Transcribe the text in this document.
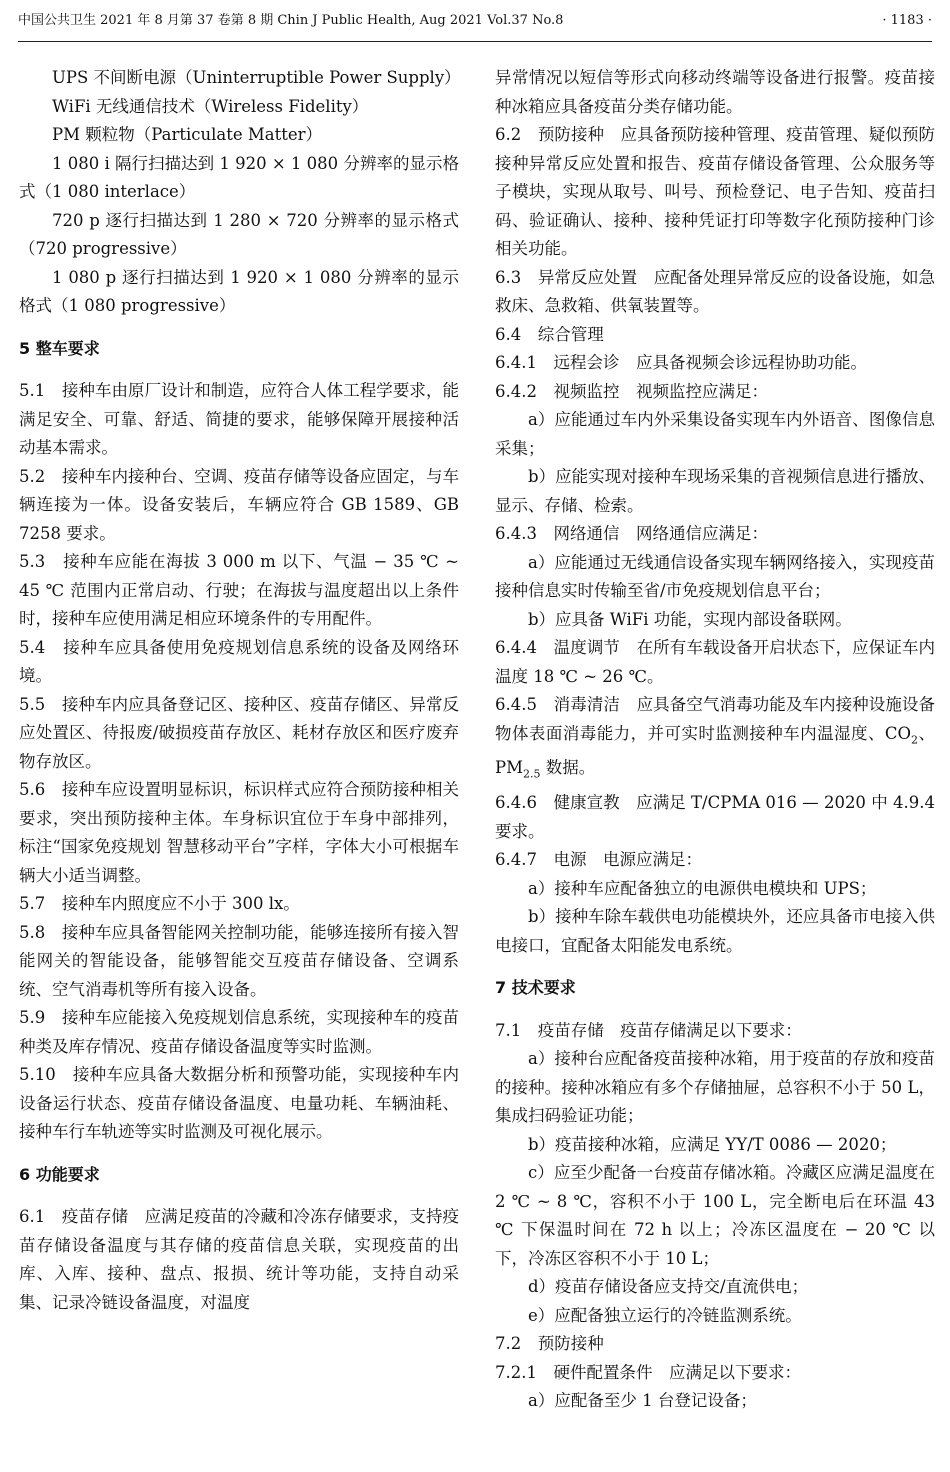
中国公共卫生 2021 年 8 月第 37 卷第 8 期 Chin J Public Health, Aug 2021 Vol.37 No.8	· 1183 ·

UPS 不间断电源（Uninterruptible Power Supply）

WiFi 无线通信技术（Wireless Fidelity）

PM 颗粒物（Particulate Matter）

1 080 i 隔行扫描达到 1 920 × 1 080 分辨率的显示格式（1 080 interlace）

720 p 逐行扫描达到 1 280 × 720 分辨率的显示格式（720 progressive）

1 080 p 逐行扫描达到 1 920 × 1 080 分辨率的显示格式（1 080 progressive）

5 整车要求

5.1　接种车由原厂设计和制造，应符合人体工程学要求，能满足安全、可靠、舒适、简捷的要求，能够保障开展接种活动基本需求。

5.2　接种车内接种台、空调、疫苗存储等设备应固定，与车辆连接为一体。设备安装后，车辆应符合 GB 1589、GB 7258 要求。

5.3　接种车应能在海拔 3 000 m 以下、气温 − 35 ℃ ~ 45 ℃ 范围内正常启动、行驶；在海拔与温度超出以上条件时，接种车应使用满足相应环境条件的专用配件。

5.4　接种车应具备使用免疫规划信息系统的设备及网络环境。

5.5　接种车内应具备登记区、接种区、疫苗存储区、异常反应处置区、待报废/破损疫苗存放区、耗材存放区和医疗废弃物存放区。

5.6　接种车应设置明显标识，标识样式应符合预防接种相关要求，突出预防接种主体。车身标识宜位于车身中部排列，标注“国家免疫规划 智慧移动平台”字样，字体大小可根据车辆大小适当调整。

5.7　接种车内照度应不小于 300 lx。

5.8　接种车应具备智能网关控制功能，能够连接所有接入智能网关的智能设备，能够智能交互疫苗存储设备、空调系统、空气消毒机等所有接入设备。

5.9　接种车应能接入免疫规划信息系统，实现接种车的疫苗种类及库存情况、疫苗存储设备温度等实时监测。

5.10　接种车应具备大数据分析和预警功能，实现接种车内设备运行状态、疫苗存储设备温度、电量功耗、车辆油耗、接种车行车轨迹等实时监测及可视化展示。

6 功能要求

6.1　疫苗存储　应满足疫苗的冷藏和冷冻存储要求，支持疫苗存储设备温度与其存储的疫苗信息关联，实现疫苗的出库、入库、接种、盘点、报损、统计等功能，支持自动采集、记录冷链设备温度，对温度

异常情况以短信等形式向移动终端等设备进行报警。疫苗接种冰箱应具备疫苗分类存储功能。

6.2　预防接种　应具备预防接种管理、疫苗管理、疑似预防接种异常反应处置和报告、疫苗存储设备管理、公众服务等子模块，实现从取号、叫号、预检登记、电子告知、疫苗扫码、验证确认、接种、接种凭证打印等数字化预防接种门诊相关功能。

6.3　异常反应处置　应配备处理异常反应的设备设施，如急救床、急救箱、供氧装置等。

6.4　综合管理

6.4.1　远程会诊　应具备视频会诊远程协助功能。

6.4.2　视频监控　视频监控应满足：

a）应能通过车内外采集设备实现车内外语音、图像信息采集；

b）应能实现对接种车现场采集的音视频信息进行播放、显示、存储、检索。

6.4.3　网络通信　网络通信应满足：

a）应能通过无线通信设备实现车辆网络接入，实现疫苗接种信息实时传输至省/市免疫规划信息平台；

b）应具备 WiFi 功能，实现内部设备联网。

6.4.4　温度调节　在所有车载设备开启状态下，应保证车内温度 18 ℃ ~ 26 ℃。

6.4.5　消毒清洁　应具备空气消毒功能及车内接种设施设备物体表面消毒能力，并可实时监测接种车内温湿度、$CO_2$、$PM_{2.5}$ 数据。

6.4.6　健康宣教　应满足 T/CPMA 016 — 2020 中 4.9.4 要求。

6.4.7　电源　电源应满足：

a）接种车应配备独立的电源供电模块和 UPS；

b）接种车除车载供电功能模块外，还应具备市电接入供电接口，宜配备太阳能发电系统。

7 技术要求

7.1　疫苗存储　疫苗存储满足以下要求：

a）接种台应配备疫苗接种冰箱，用于疫苗的存放和疫苗的接种。接种冰箱应有多个存储抽屉，总容积不小于 50 L，集成扫码验证功能；

b）疫苗接种冰箱，应满足 YY/T 0086 — 2020；

c）应至少配备一台疫苗存储冰箱。冷藏区应满足温度在 2 ℃ ~ 8 ℃，容积不小于 100 L，完全断电后在环温 43 ℃ 下保温时间在 72 h 以上；冷冻区温度在 − 20 ℃ 以下，冷冻区容积不小于 10 L；

d）疫苗存储设备应支持交/直流供电；

e）应配备独立运行的冷链监测系统。

7.2　预防接种

7.2.1　硬件配置条件　应满足以下要求：

a）应配备至少 1 台登记设备；
